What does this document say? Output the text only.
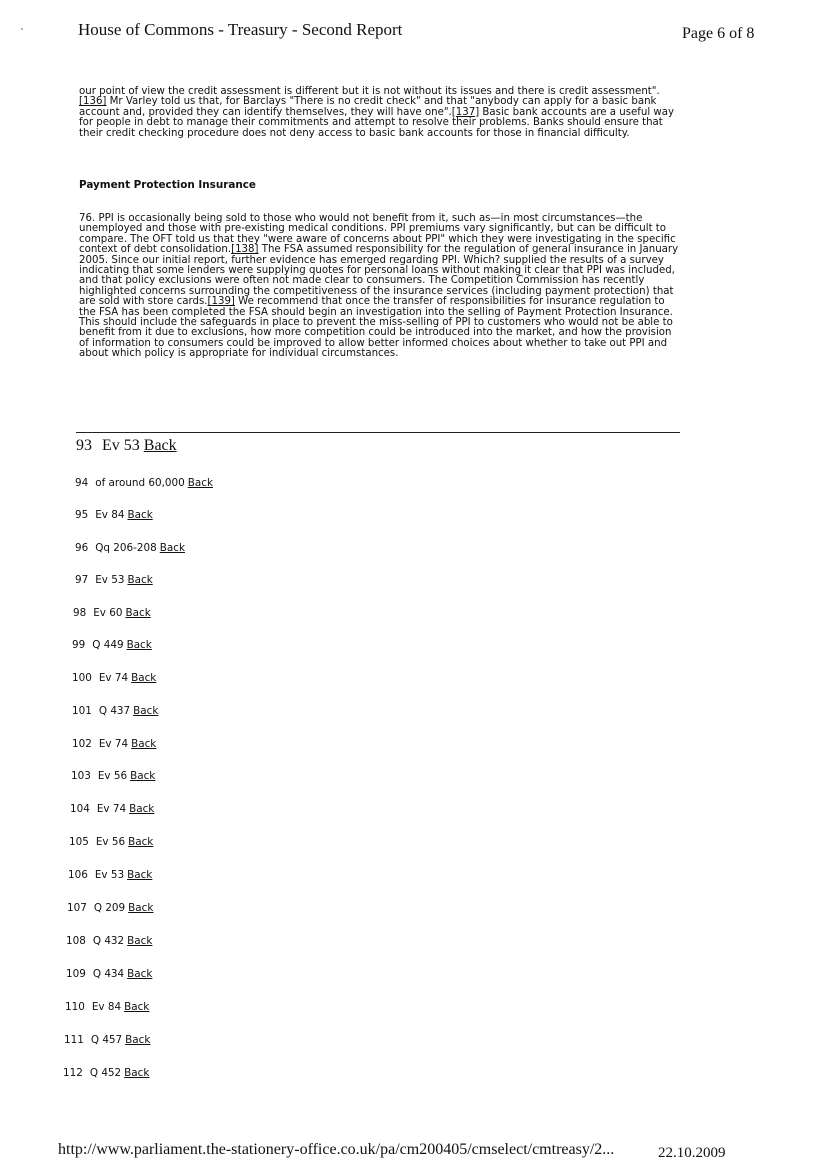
`	House of Commons - Treasury - Second Report	Page 6 of 8
our point of view the credit assessment is different but it is not without its issues and there is credit assessment".[136] Mr Varley told us that, for Barclays "There is no credit check" and that "anybody can apply for a basic bank account and, provided they can identify themselves, they will have one".[137] Basic bank accounts are a useful way for people in debt to manage their commitments and attempt to resolve their problems. Banks should ensure that their credit checking procedure does not deny access to basic bank accounts for those in financial difficulty.
Payment Protection Insurance
76. PPI is occasionally being sold to those who would not benefit from it, such as—in most circumstances—the unemployed and those with pre-existing medical conditions. PPI premiums vary significantly, but can be difficult to compare. The OFT told us that they "were aware of concerns about PPI" which they were investigating in the specific context of debt consolidation.[138] The FSA assumed responsibility for the regulation of general insurance in January 2005. Since our initial report, further evidence has emerged regarding PPI. Which? supplied the results of a survey indicating that some lenders were supplying quotes for personal loans without making it clear that PPI was included, and that policy exclusions were often not made clear to consumers. The Competition Commission has recently highlighted concerns surrounding the competitiveness of the insurance services (including payment protection) that are sold with store cards.[139] We recommend that once the transfer of responsibilities for insurance regulation to the FSA has been completed the FSA should begin an investigation into the selling of Payment Protection Insurance. This should include the safeguards in place to prevent the miss-selling of PPI to customers who would not be able to benefit from it due to exclusions, how more competition could be introduced into the market, and how the provision of information to consumers could be improved to allow better informed choices about whether to take out PPI and about which policy is appropriate for individual circumstances.
93 Ev 53 Back
94 of around 60,000 Back
95 Ev 84 Back
96 Qq 206-208 Back
97 Ev 53 Back
98 Ev 60 Back
99 Q 449 Back
100 Ev 74 Back
101 Q 437 Back
102 Ev 74 Back
103 Ev 56 Back
104 Ev 74 Back
105 Ev 56 Back
106 Ev 53 Back
107 Q 209 Back
108 Q 432 Back
109 Q 434 Back
110 Ev 84 Back
111 Q 457 Back
112 Q 452 Back
http://www.parliament.the-stationery-office.co.uk/pa/cm200405/cmselect/cmtreasy/2...	22.10.2009
